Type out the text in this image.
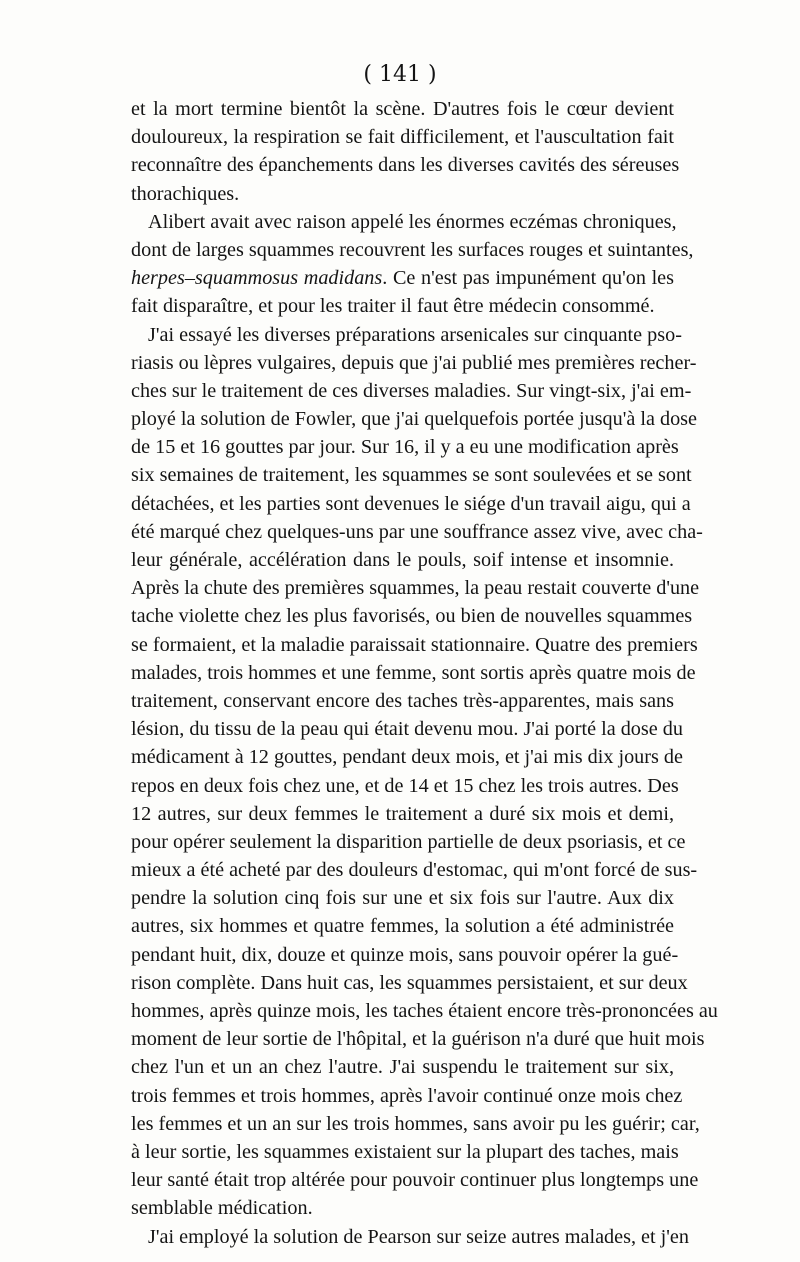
( 141 )
et la mort termine bientôt la scène. D'autres fois le cœur devient
douloureux, la respiration se fait difficilement, et l'auscultation fait
reconnaître des épanchements dans les diverses cavités des séreuses
thorachiques.
Alibert avait avec raison appelé les énormes eczémas chroniques,
dont de larges squammes recouvrent les surfaces rouges et suintantes,
herpes–squammosus madidans. Ce n'est pas impunément qu'on les
fait disparaître, et pour les traiter il faut être médecin consommé.
J'ai essayé les diverses préparations arsenicales sur cinquante pso-
riasis ou lèpres vulgaires, depuis que j'ai publié mes premières recher-
ches sur le traitement de ces diverses maladies. Sur vingt-six, j'ai em-
ployé la solution de Fowler, que j'ai quelquefois portée jusqu'à la dose
de 15 et 16 gouttes par jour. Sur 16, il y a eu une modification après
six semaines de traitement, les squammes se sont soulevées et se sont
détachées, et les parties sont devenues le siége d'un travail aigu, qui a
été marqué chez quelques-uns par une souffrance assez vive, avec cha-
leur générale, accélération dans le pouls, soif intense et insomnie.
Après la chute des premières squammes, la peau restait couverte d'une
tache violette chez les plus favorisés, ou bien de nouvelles squammes
se formaient, et la maladie paraissait stationnaire. Quatre des premiers
malades, trois hommes et une femme, sont sortis après quatre mois de
traitement, conservant encore des taches très-apparentes, mais sans
lésion, du tissu de la peau qui était devenu mou. J'ai porté la dose du
médicament à 12 gouttes, pendant deux mois, et j'ai mis dix jours de
repos en deux fois chez une, et de 14 et 15 chez les trois autres. Des
12 autres, sur deux femmes le traitement a duré six mois et demi,
pour opérer seulement la disparition partielle de deux psoriasis, et ce
mieux a été acheté par des douleurs d'estomac, qui m'ont forcé de sus-
pendre la solution cinq fois sur une et six fois sur l'autre. Aux dix
autres, six hommes et quatre femmes, la solution a été administrée
pendant huit, dix, douze et quinze mois, sans pouvoir opérer la gué-
rison complète. Dans huit cas, les squammes persistaient, et sur deux
hommes, après quinze mois, les taches étaient encore très-prononcées au
moment de leur sortie de l'hôpital, et la guérison n'a duré que huit mois
chez l'un et un an chez l'autre. J'ai suspendu le traitement sur six,
trois femmes et trois hommes, après l'avoir continué onze mois chez
les femmes et un an sur les trois hommes, sans avoir pu les guérir; car,
à leur sortie, les squammes existaient sur la plupart des taches, mais
leur santé était trop altérée pour pouvoir continuer plus longtemps une
semblable médication.
J'ai employé la solution de Pearson sur seize autres malades, et j'en
